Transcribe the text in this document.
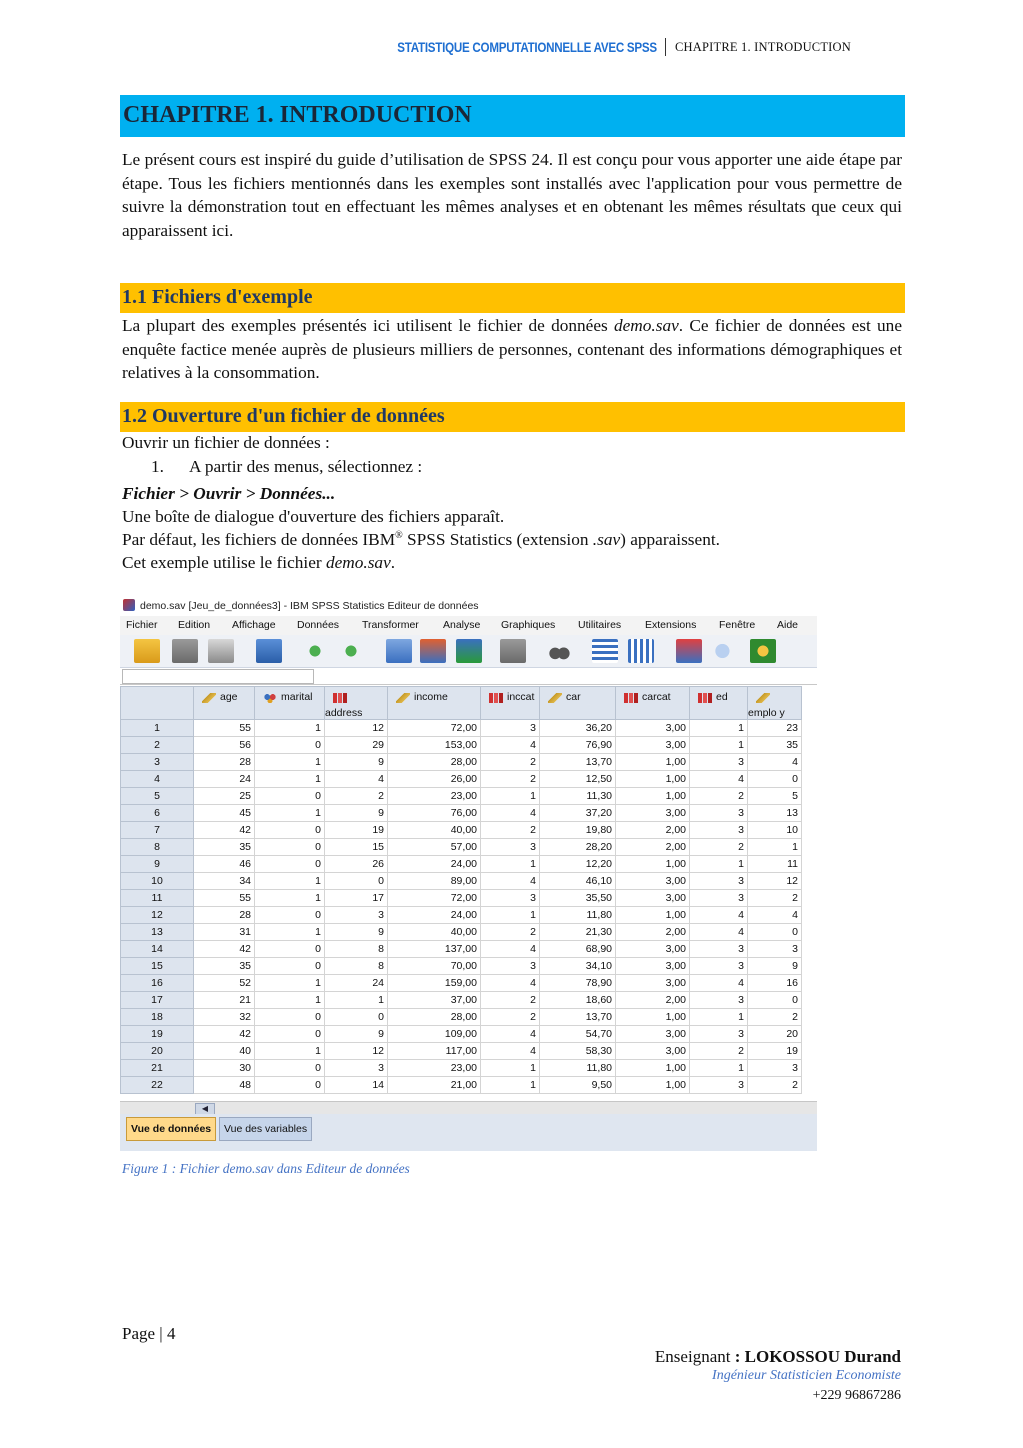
STATISTIQUE COMPUTATIONNELLE AVEC SPSS CHAPITRE 1. INTRODUCTION
CHAPITRE 1. INTRODUCTION
Le présent cours est inspiré du guide d’utilisation de SPSS 24. Il est conçu pour vous apporter une aide étape par étape. Tous les fichiers mentionnés dans les exemples sont installés avec l'application pour vous permettre de suivre la démonstration tout en effectuant les mêmes analyses et en obtenant les mêmes résultats que ceux qui apparaissent ici.
1.1 Fichiers d'exemple
La plupart des exemples présentés ici utilisent le fichier de données demo.sav. Ce fichier de données est une enquête factice menée auprès de plusieurs milliers de personnes, contenant des informations démographiques et relatives à la consommation.
1.2 Ouverture d'un fichier de données
Ouvrir un fichier de données :
1. A partir des menus, sélectionnez :
Fichier > Ouvrir > Données...
Une boîte de dialogue d'ouverture des fichiers apparaît.
Par défaut, les fichiers de données IBM® SPSS Statistics (extension .sav) apparaissent.
Cet exemple utilise le fichier demo.sav.
demo.sav [Jeu_de_données3] - IBM SPSS Statistics Editeur de données
Fichier Edition Affichage Données Transformer Analyse Graphiques Utilitaires Extensions Fenêtre Aide
	age	marital	address	income	inccat	car	carcat	ed	emplo y
1	55	1	12	72,00	3	36,20	3,00	1	23
2	56	0	29	153,00	4	76,90	3,00	1	35
3	28	1	9	28,00	2	13,70	1,00	3	4
4	24	1	4	26,00	2	12,50	1,00	4	0
5	25	0	2	23,00	1	11,30	1,00	2	5
6	45	1	9	76,00	4	37,20	3,00	3	13
7	42	0	19	40,00	2	19,80	2,00	3	10
8	35	0	15	57,00	3	28,20	2,00	2	1
9	46	0	26	24,00	1	12,20	1,00	1	11
10	34	1	0	89,00	4	46,10	3,00	3	12
11	55	1	17	72,00	3	35,50	3,00	3	2
12	28	0	3	24,00	1	11,80	1,00	4	4
13	31	1	9	40,00	2	21,30	2,00	4	0
14	42	0	8	137,00	4	68,90	3,00	3	3
15	35	0	8	70,00	3	34,10	3,00	3	9
16	52	1	24	159,00	4	78,90	3,00	4	16
17	21	1	1	37,00	2	18,60	2,00	3	0
18	32	0	0	28,00	2	13,70	1,00	1	2
19	42	0	9	109,00	4	54,70	3,00	3	20
20	40	1	12	117,00	4	58,30	3,00	2	19
21	30	0	3	23,00	1	11,80	1,00	1	3
22	48	0	14	21,00	1	9,50	1,00	3	2
◀
Vue de données	Vue des variables
Figure 1 : Fichier demo.sav dans Editeur de données
Page | 4
Enseignant : LOKOSSOU Durand
Ingénieur Statisticien Economiste
+229 96867286
